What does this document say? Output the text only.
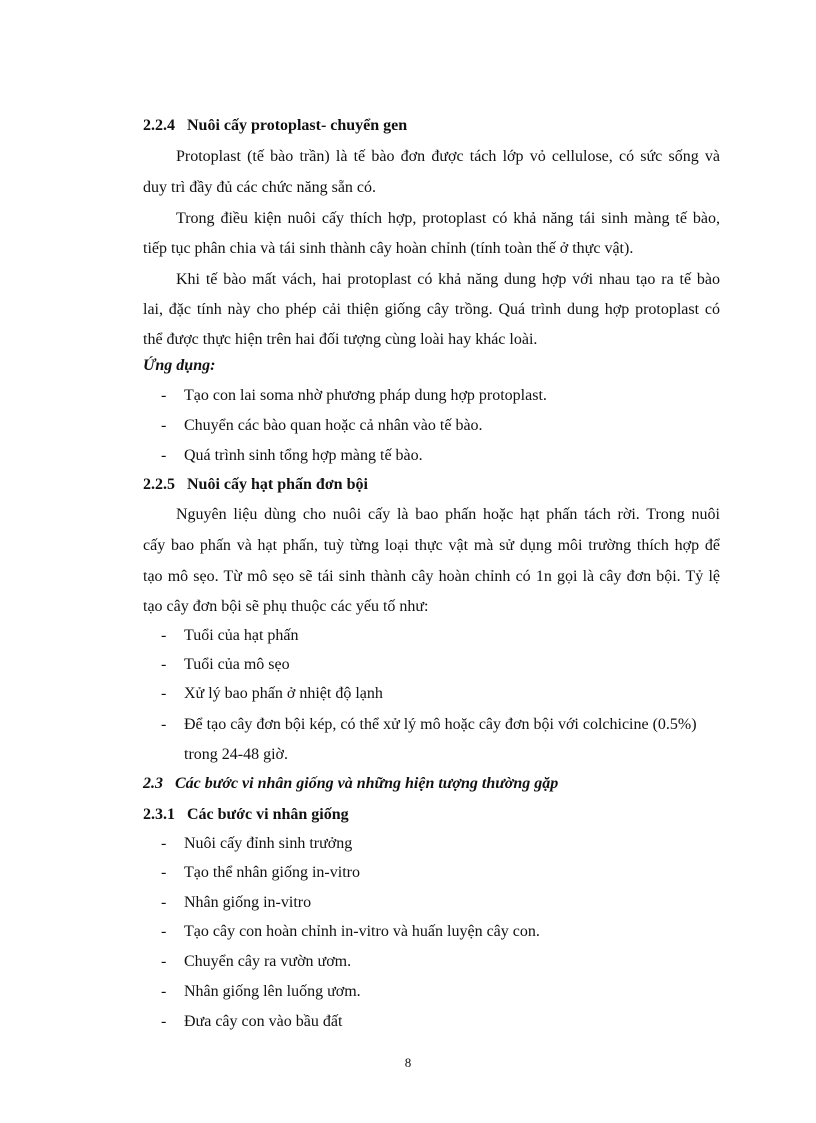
2.2.4 Nuôi cấy protoplast- chuyển gen
Protoplast (tế bào trần) là tế bào đơn được tách lớp vỏ cellulose, có sức sống và
duy trì đầy đủ các chức năng sẵn có.
Trong điều kiện nuôi cấy thích hợp, protoplast có khả năng tái sinh màng tế bào,
tiếp tục phân chia và tái sinh thành cây hoàn chỉnh (tính toàn thế ở thực vật).
Khi tế bào mất vách, hai protoplast có khả năng dung hợp với nhau tạo ra tế bào
lai, đặc tính này cho phép cải thiện giống cây trồng. Quá trình dung hợp protoplast có
thể được thực hiện trên hai đối tượng cùng loài hay khác loài.
Ứng dụng:
- Tạo con lai soma nhờ phương pháp dung hợp protoplast.
- Chuyển các bào quan hoặc cả nhân vào tế bào.
- Quá trình sinh tổng hợp màng tế bào.
2.2.5 Nuôi cấy hạt phấn đơn bội
Nguyên liệu dùng cho nuôi cấy là bao phấn hoặc hạt phấn tách rời. Trong nuôi
cấy bao phấn và hạt phấn, tuỳ từng loại thực vật mà sử dụng môi trường thích hợp để
tạo mô sẹo. Từ mô sẹo sẽ tái sinh thành cây hoàn chỉnh có 1n gọi là cây đơn bội. Tỷ lệ
tạo cây đơn bội sẽ phụ thuộc các yếu tố như:
- Tuổi của hạt phấn
- Tuổi của mô sẹo
- Xử lý bao phấn ở nhiệt độ lạnh
- Để tạo cây đơn bội kép, có thể xử lý mô hoặc cây đơn bội với colchicine (0.5%)
trong 24-48 giờ.
2.3 Các bước vi nhân giống và những hiện tượng thường gặp
2.3.1 Các bước vi nhân giống
- Nuôi cấy đỉnh sinh trưởng
- Tạo thể nhân giống in-vitro
- Nhân giống in-vitro
- Tạo cây con hoàn chỉnh in-vitro và huấn luyện cây con.
- Chuyển cây ra vườn ươm.
- Nhân giống lên luống ươm.
- Đưa cây con vào bầu đất
8
